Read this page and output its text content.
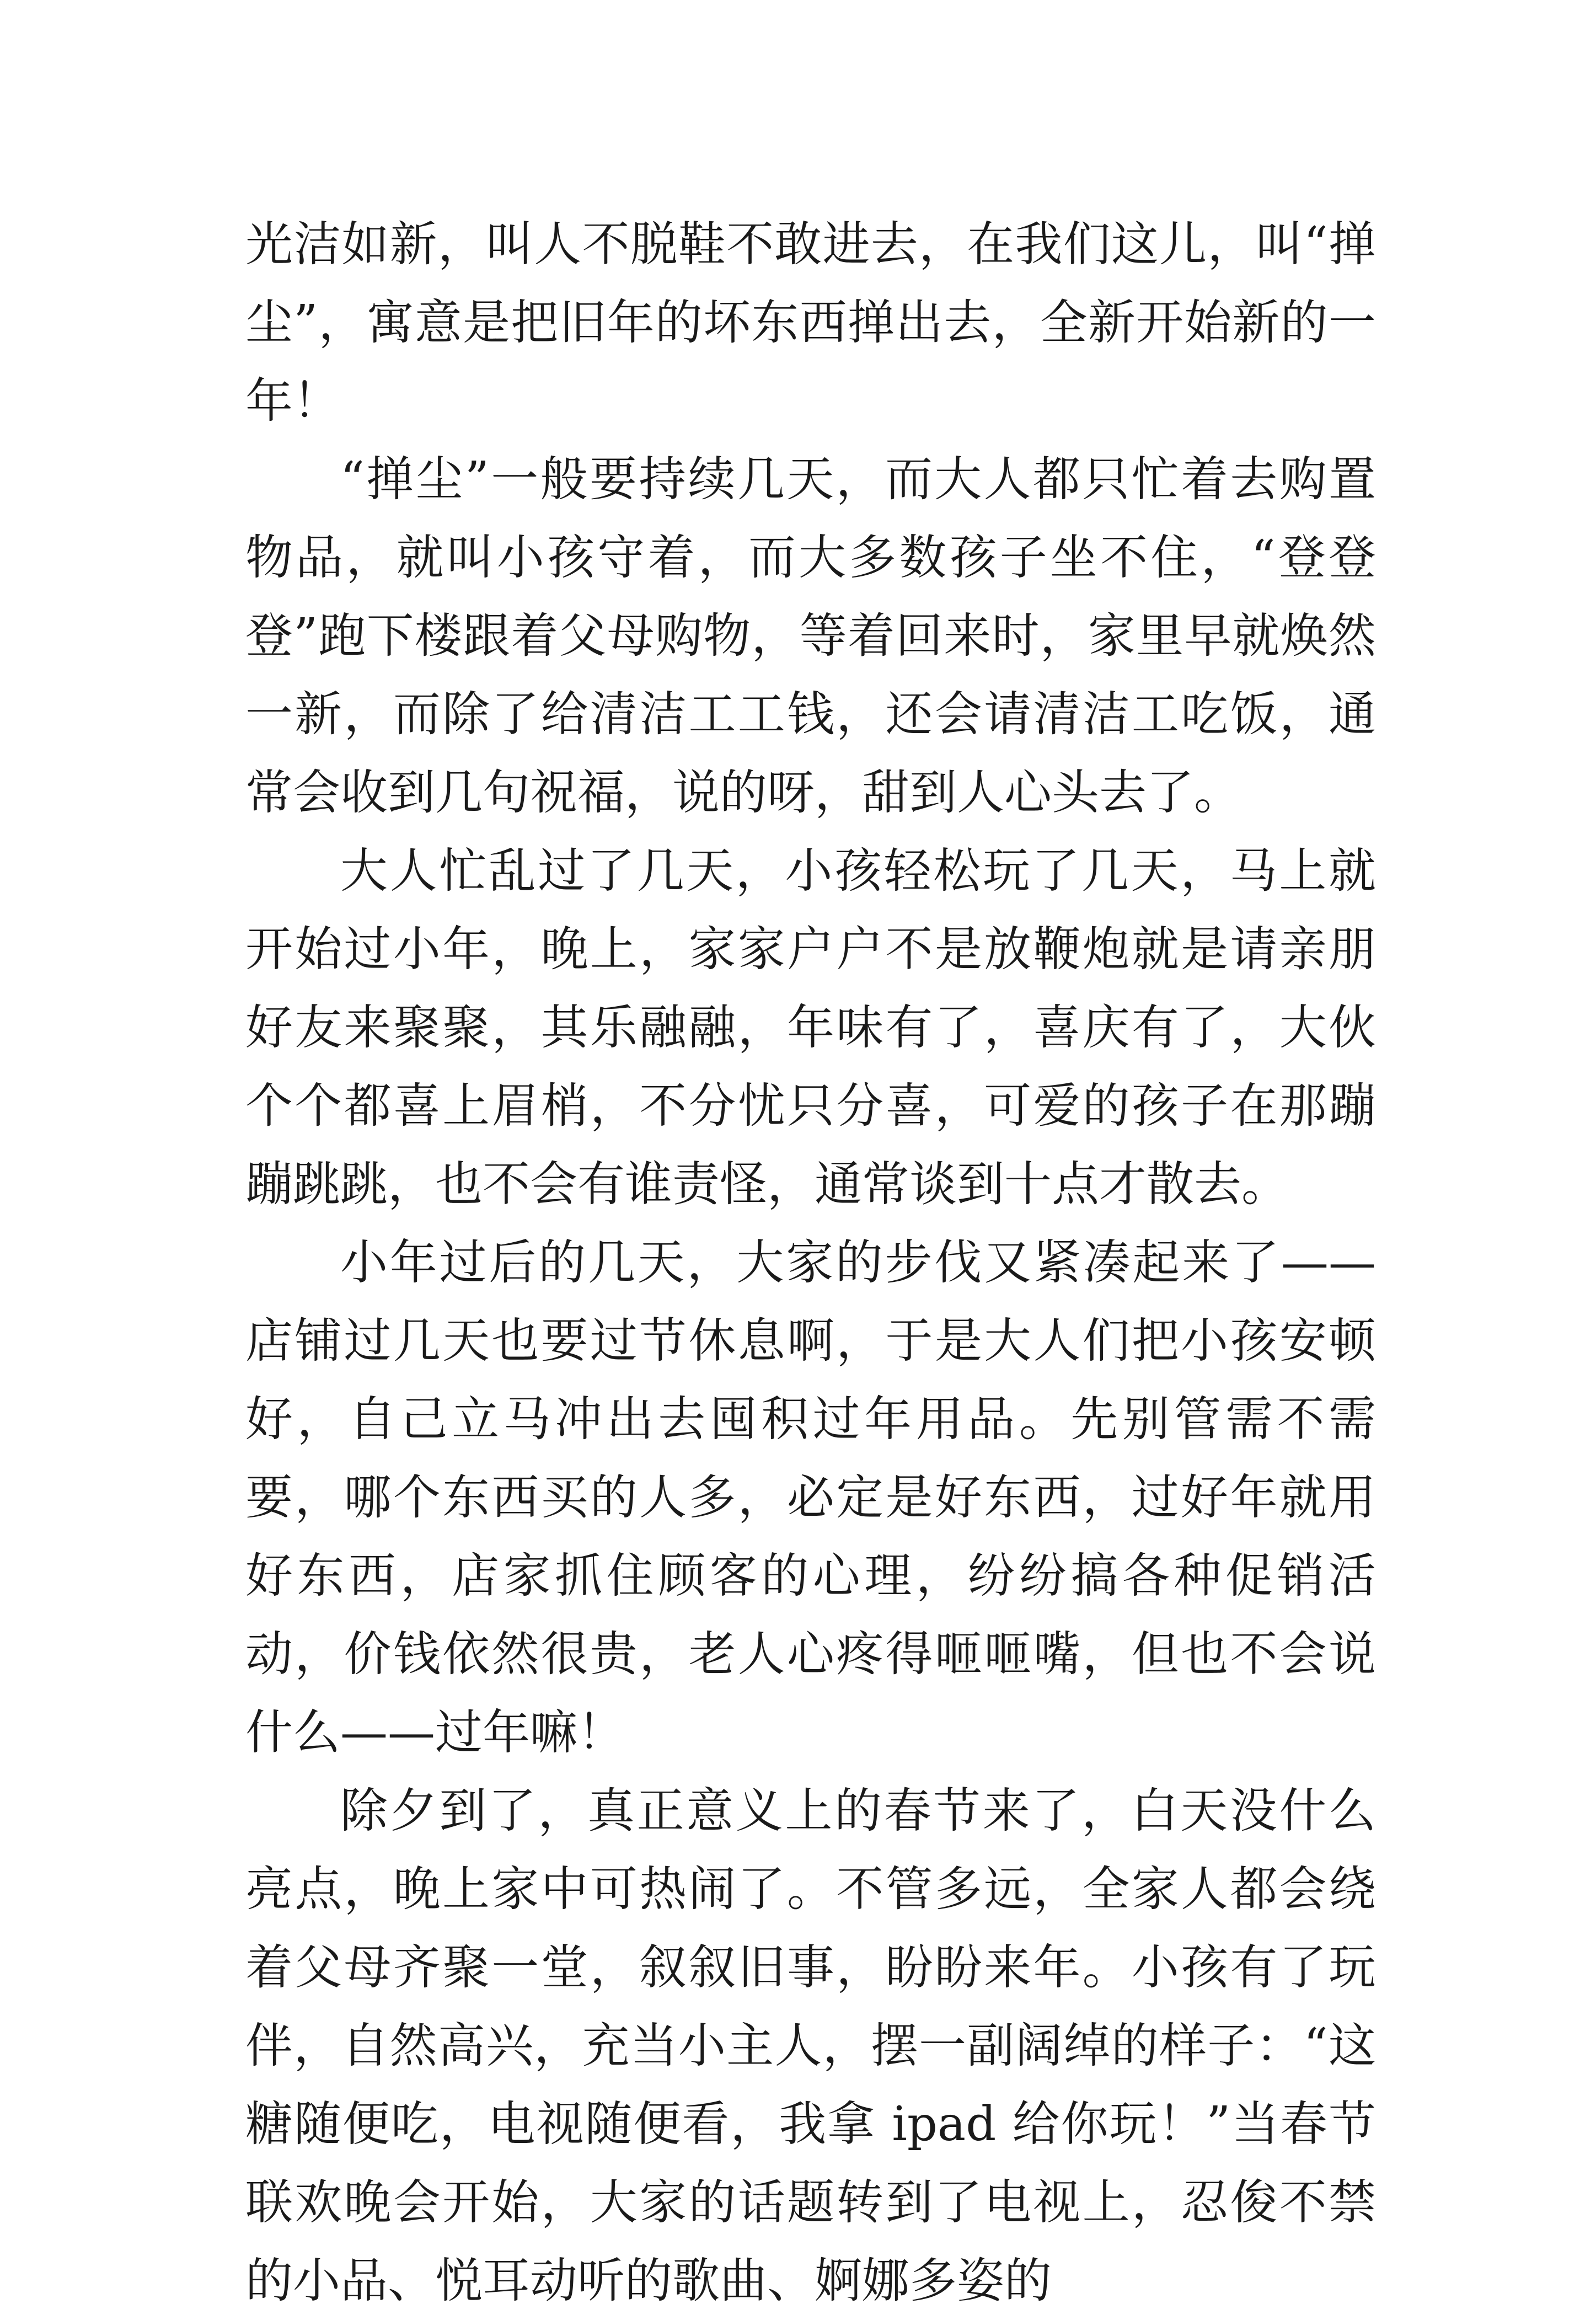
光洁如新，叫人不脱鞋不敢进去，在我们这儿，叫“掸尘”，寓意是把旧年的坏东西掸出去，全新开始新的一年！

“掸尘”一般要持续几天，而大人都只忙着去购置物品，就叫小孩守着，而大多数孩子坐不住，“登登登”跑下楼跟着父母购物，等着回来时，家里早就焕然一新，而除了给清洁工工钱，还会请清洁工吃饭，通常会收到几句祝福，说的呀，甜到人心头去了。

大人忙乱过了几天，小孩轻松玩了几天，马上就开始过小年，晚上，家家户户不是放鞭炮就是请亲朋好友来聚聚，其乐融融，年味有了，喜庆有了，大伙个个都喜上眉梢，不分忧只分喜，可爱的孩子在那蹦蹦跳跳，也不会有谁责怪，通常谈到十点才散去。

小年过后的几天，大家的步伐又紧凑起来了——店铺过几天也要过节休息啊，于是大人们把小孩安顿好，自己立马冲出去囤积过年用品。先别管需不需要，哪个东西买的人多，必定是好东西，过好年就用好东西，店家抓住顾客的心理，纷纷搞各种促销活动，价钱依然很贵，老人心疼得咂咂嘴，但也不会说什么——过年嘛！

除夕到了，真正意义上的春节来了，白天没什么亮点，晚上家中可热闹了。不管多远，全家人都会绕着父母齐聚一堂，叙叙旧事，盼盼来年。小孩有了玩伴，自然高兴，充当小主人，摆一副阔绰的样子：“这糖随便吃，电视随便看，我拿 ipad 给你玩！”当春节联欢晚会开始，大家的话题转到了电视上，忍俊不禁的小品、悦耳动听的歌曲、婀娜多姿的
